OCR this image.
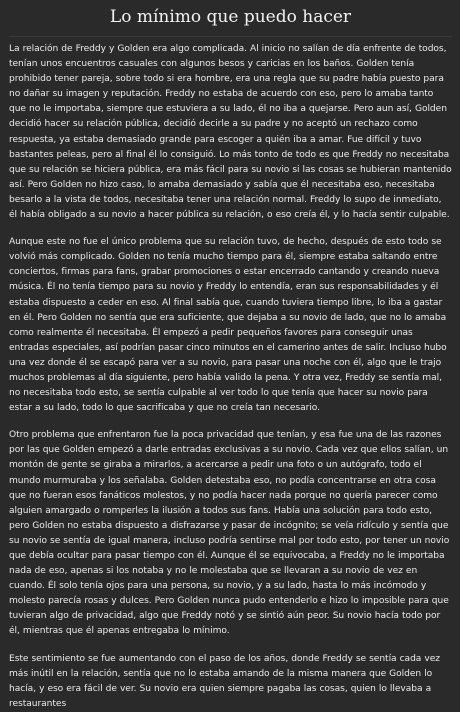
Lo mínimo que puedo hacer

La relación de Freddy y Golden era algo complicada. Al inicio no salían de día enfrente de todos, tenían unos encuentros casuales con algunos besos y caricias en los baños. Golden tenía prohibido tener pareja, sobre todo si era hombre, era una regla que su padre había puesto para no dañar su imagen y reputación. Freddy no estaba de acuerdo con eso, pero lo amaba tanto que no le importaba, siempre que estuviera a su lado, él no iba a quejarse. Pero aun así, Golden decidió hacer su relación pública, decidió decirle a su padre y no aceptó un rechazo como respuesta, ya estaba demasiado grande para escoger a quién iba a amar. Fue difícil y tuvo bastantes peleas, pero al final él lo consiguió. Lo más tonto de todo es que Freddy no necesitaba que su relación se hiciera pública, era más fácil para su novio si las cosas se hubieran mantenido así. Pero Golden no hizo caso, lo amaba demasiado y sabía que él necesitaba eso, necesitaba besarlo a la vista de todos, necesitaba tener una relación normal. Freddy lo supo de inmediato, él había obligado a su novio a hacer pública su relación, o eso creía él, y lo hacía sentir culpable.

Aunque este no fue el único problema que su relación tuvo, de hecho, después de esto todo se volvió más complicado. Golden no tenía mucho tiempo para él, siempre estaba saltando entre conciertos, firmas para fans, grabar promociones o estar encerrado cantando y creando nueva música. Él no tenía tiempo para su novio y Freddy lo entendía, eran sus responsabilidades y él estaba dispuesto a ceder en eso. Al final sabía que, cuando tuviera tiempo libre, lo iba a gastar en él. Pero Golden no sentía que era suficiente, que dejaba a su novio de lado, que no lo amaba como realmente él necesitaba. Él empezó a pedir pequeños favores para conseguir unas entradas especiales, así podrían pasar cinco minutos en el camerino antes de salir. Incluso hubo una vez donde él se escapó para ver a su novio, para pasar una noche con él, algo que le trajo muchos problemas al día siguiente, pero había valido la pena. Y otra vez, Freddy se sentía mal, no necesitaba todo esto, se sentía culpable al ver todo lo que tenía que hacer su novio para estar a su lado, todo lo que sacrificaba y que no creía tan necesario.

Otro problema que enfrentaron fue la poca privacidad que tenían, y esa fue una de las razones por las que Golden empezó a darle entradas exclusivas a su novio. Cada vez que ellos salían, un montón de gente se giraba a mirarlos, a acercarse a pedir una foto o un autógrafo, todo el mundo murmuraba y los señalaba. Golden detestaba eso, no podía concentrarse en otra cosa que no fueran esos fanáticos molestos, y no podía hacer nada porque no quería parecer como alguien amargado o romperles la ilusión a todos sus fans. Había una solución para todo esto, pero Golden no estaba dispuesto a disfrazarse y pasar de incógnito; se veía ridículo y sentía que su novio se sentía de igual manera, incluso podría sentirse mal por todo esto, por tener un novio que debía ocultar para pasar tiempo con él. Aunque él se equivocaba, a Freddy no le importaba nada de eso, apenas si los notaba y no le molestaba que se llevaran a su novio de vez en cuando. Él solo tenía ojos para una persona, su novio, y a su lado, hasta lo más incómodo y molesto parecía rosas y dulces. Pero Golden nunca pudo entenderlo e hizo lo imposible para que tuvieran algo de privacidad, algo que Freddy notó y se sintió aún peor. Su novio hacía todo por él, mientras que él apenas entregaba lo mínimo.

Este sentimiento se fue aumentando con el paso de los años, donde Freddy se sentía cada vez más inútil en la relación, sentía que no lo estaba amando de la misma manera que Golden lo hacía, y eso era fácil de ver. Su novio era quien siempre pagaba las cosas, quien lo llevaba a restaurantes
